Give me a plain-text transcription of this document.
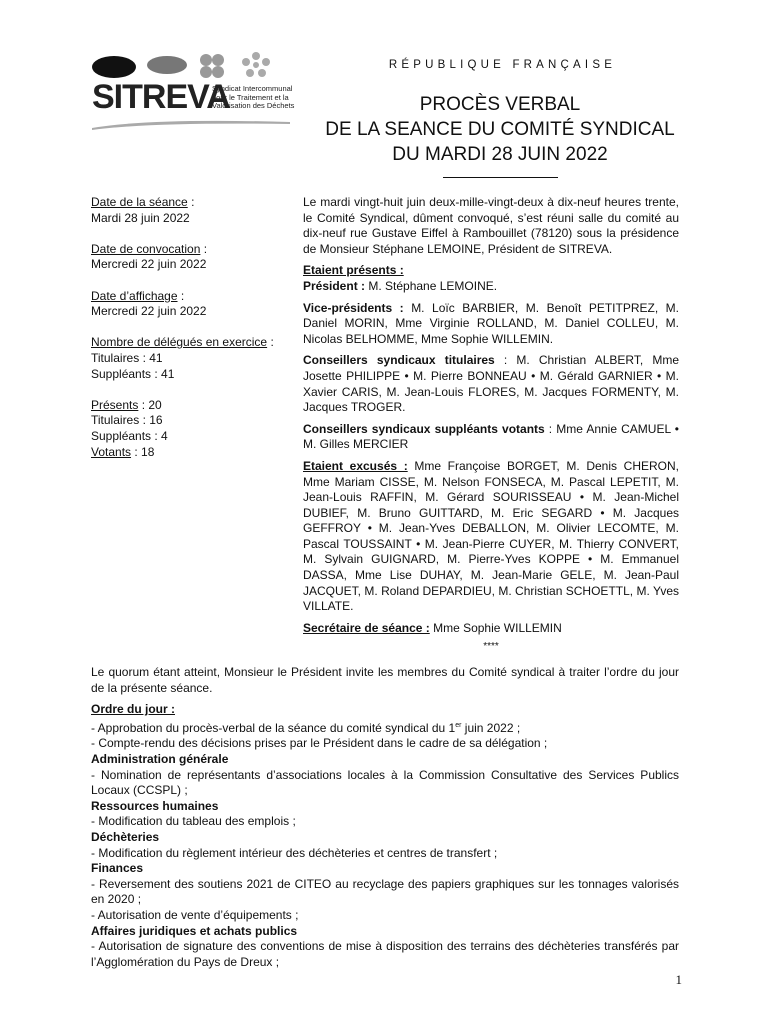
SITREVA
Syndicat Intercommunal
pour le Traitement et la
Valorisation des Déchets
RÉPUBLIQUE FRANÇAISE
PROCÈS VERBAL
DE LA SEANCE DU COMITÉ SYNDICAL
DU MARDI 28 JUIN 2022
Date de la séance :
Mardi 28 juin 2022
Date de convocation :
Mercredi 22 juin 2022
Date d’affichage :
Mercredi 22 juin 2022
Nombre de délégués en exercice :
Titulaires : 41
Suppléants : 41
Présents : 20
Titulaires : 16
Suppléants : 4
Votants : 18

Le mardi vingt-huit juin deux-mille-vingt-deux à dix-neuf heures trente, le Comité Syndical, dûment convoqué, s’est réuni salle du comité au dix-neuf rue Gustave Eiffel à Rambouillet (78120) sous la présidence de Monsieur Stéphane LEMOINE, Président de SITREVA.

Etaient présents :

Président : M. Stéphane LEMOINE.

Vice-présidents : M. Loïc BARBIER, M. Benoît PETITPREZ, M. Daniel MORIN, Mme Virginie ROLLAND, M. Daniel COLLEU, M. Nicolas BELHOMME, Mme Sophie WILLEMIN.

Conseillers syndicaux titulaires : M. Christian ALBERT, Mme Josette PHILIPPE • M. Pierre BONNEAU • M. Gérald GARNIER • M. Xavier CARIS, M. Jean-Louis FLORES, M. Jacques FORMENTY, M. Jacques TROGER.

Conseillers syndicaux suppléants votants : Mme Annie CAMUEL • M. Gilles MERCIER

Etaient excusés : Mme Françoise BORGET, M. Denis CHERON, Mme Mariam CISSE, M. Nelson FONSECA, M. Pascal LEPETIT, M. Jean-Louis RAFFIN, M. Gérard SOURISSEAU • M. Jean-Michel DUBIEF, M. Bruno GUITTARD, M. Eric SEGARD • M. Jacques GEFFROY • M. Jean-Yves DEBALLON, M. Olivier LECOMTE, M. Pascal TOUSSAINT • M. Jean-Pierre CUYER, M. Thierry CONVERT, M. Sylvain GUIGNARD, M. Pierre-Yves KOPPE • M. Emmanuel DASSA, Mme Lise DUHAY, M. Jean-Marie GELE, M. Jean-Paul JACQUET, M. Roland DEPARDIEU, M. Christian SCHOETTL, M. Yves VILLATE.

Secrétaire de séance : Mme Sophie WILLEMIN

****

Le quorum étant atteint, Monsieur le Président invite les membres du Comité syndical à traiter l’ordre du jour de la présente séance.

Ordre du jour :

- Approbation du procès-verbal de la séance du comité syndical du 1er juin 2022 ;

- Compte-rendu des décisions prises par le Président dans le cadre de sa délégation ;

Administration générale

- Nomination de représentants d’associations locales à la Commission Consultative des Services Publics Locaux (CCSPL) ;

Ressources humaines

- Modification du tableau des emplois ;

Déchèteries

- Modification du règlement intérieur des déchèteries et centres de transfert ;

Finances

- Reversement des soutiens 2021 de CITEO au recyclage des papiers graphiques sur les tonnages valorisés en 2020 ;

- Autorisation de vente d’équipements ;

Affaires juridiques et achats publics

- Autorisation de signature des conventions de mise à disposition des terrains des déchèteries transférés par l’Agglomération du Pays de Dreux ;

1
